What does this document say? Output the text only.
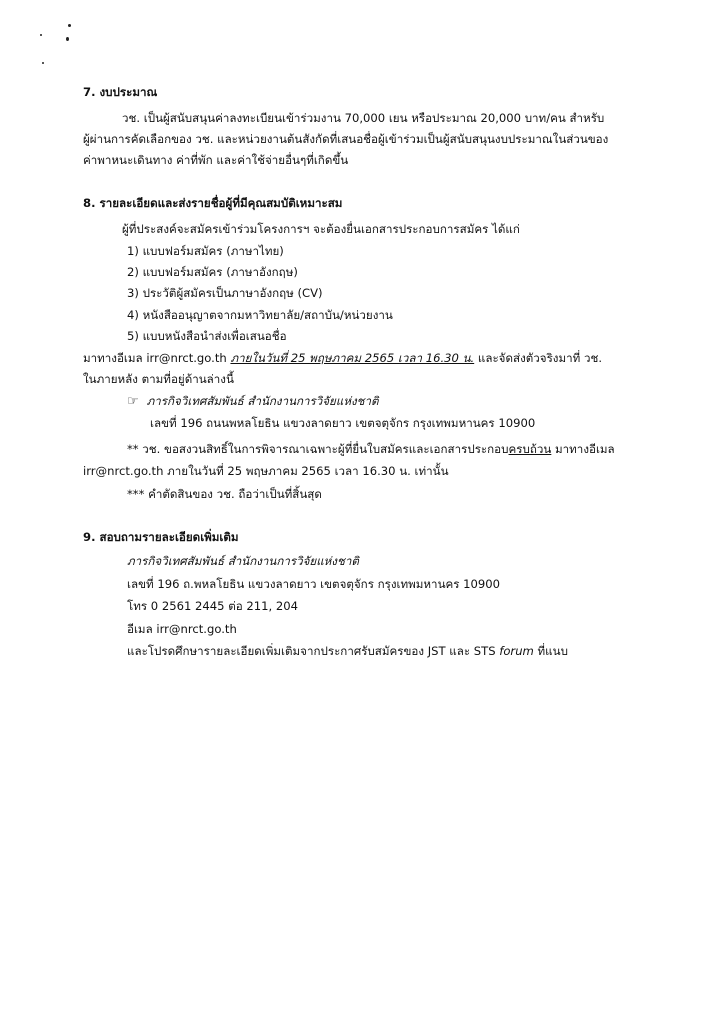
7. งบประมาณ
วช. เป็นผู้สนับสนุนค่าลงทะเบียนเข้าร่วมงาน 70,000 เยน หรือประมาณ 20,000 บาท/คน สำหรับ
ผู้ผ่านการคัดเลือกของ วช. และหน่วยงานต้นสังกัดที่เสนอชื่อผู้เข้าร่วมเป็นผู้สนับสนุนงบประมาณในส่วนของ
ค่าพาหนะเดินทาง ค่าที่พัก และค่าใช้จ่ายอื่นๆที่เกิดขึ้น
8. รายละเอียดและส่งรายชื่อผู้ที่มีคุณสมบัติเหมาะสม
ผู้ที่ประสงค์จะสมัครเข้าร่วมโครงการฯ จะต้องยื่นเอกสารประกอบการสมัคร ได้แก่
1) แบบฟอร์มสมัคร (ภาษาไทย)
2) แบบฟอร์มสมัคร (ภาษาอังกฤษ)
3) ประวัติผู้สมัครเป็นภาษาอังกฤษ (CV)
4) หนังสืออนุญาตจากมหาวิทยาลัย/สถาบัน/หน่วยงาน
5) แบบหนังสือนำส่งเพื่อเสนอชื่อ
มาทางอีเมล irr@nrct.go.th ภายในวันที่ 25 พฤษภาคม 2565 เวลา 16.30 น. และจัดส่งตัวจริงมาที่ วช.
ในภายหลัง ตามที่อยู่ด้านล่างนี้
☞ ภารกิจวิเทศสัมพันธ์ สำนักงานการวิจัยแห่งชาติ
เลขที่ 196 ถนนพหลโยธิน แขวงลาดยาว เขตจตุจักร กรุงเทพมหานคร 10900
** วช. ขอสงวนสิทธิ์ในการพิจารณาเฉพาะผู้ที่ยื่นใบสมัครและเอกสารประกอบครบถ้วน มาทางอีเมล
irr@nrct.go.th ภายในวันที่ 25 พฤษภาคม 2565 เวลา 16.30 น. เท่านั้น
*** คำตัดสินของ วช. ถือว่าเป็นที่สิ้นสุด
9. สอบถามรายละเอียดเพิ่มเติม
ภารกิจวิเทศสัมพันธ์ สำนักงานการวิจัยแห่งชาติ
เลขที่ 196 ถ.พหลโยธิน แขวงลาดยาว เขตจตุจักร กรุงเทพมหานคร 10900
โทร 0 2561 2445 ต่อ 211, 204
อีเมล irr@nrct.go.th
และโปรดศึกษารายละเอียดเพิ่มเติมจากประกาศรับสมัครของ JST และ STS forum ที่แนบ
